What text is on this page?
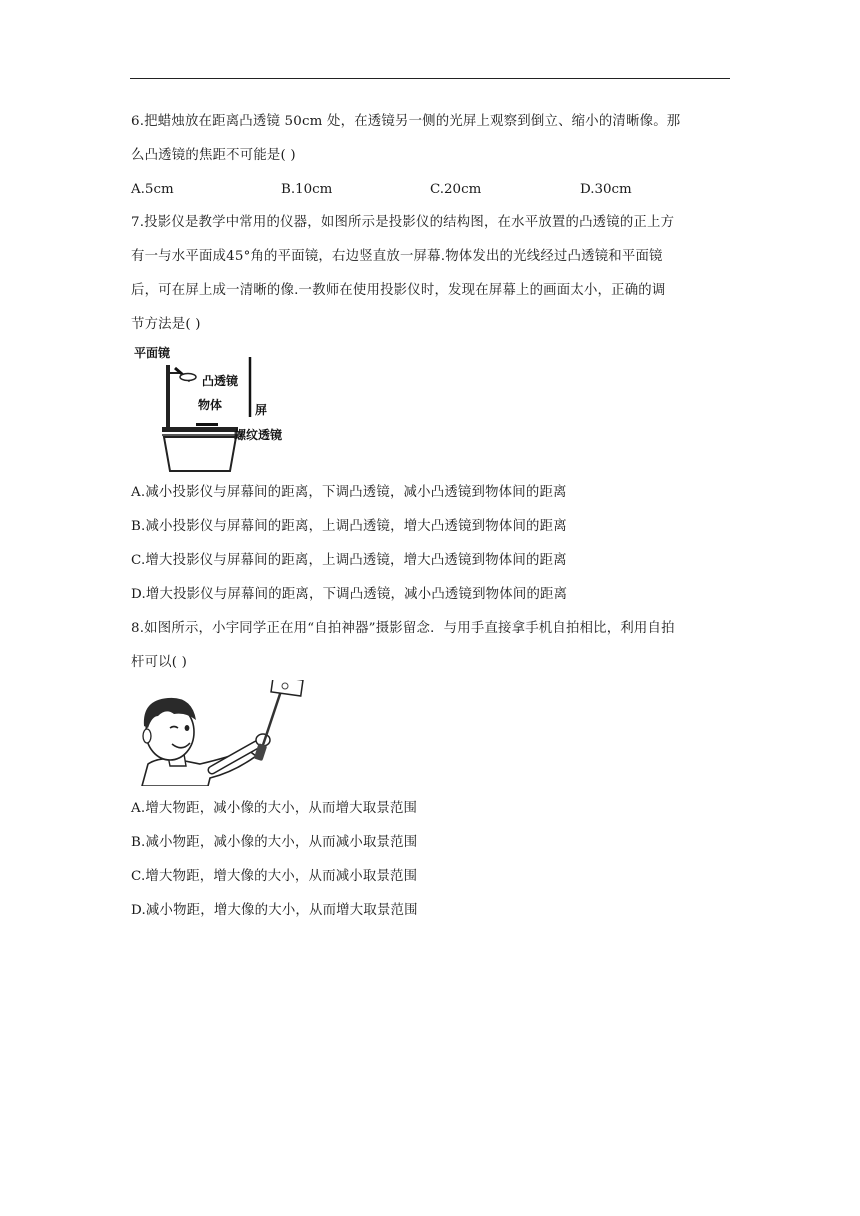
6.把蜡烛放在距离凸透镜 50cm 处，在透镜另一侧的光屏上观察到倒立、缩小的清晰像。那
么凸透镜的焦距不可能是( )
A.5cm	B.10cm	C.20cm	D.30cm
7.投影仪是教学中常用的仪器，如图所示是投影仪的结构图，在水平放置的凸透镜的正上方
有一与水平面成45°角的平面镜，右边竖直放一屏幕.物体发出的光线经过凸透镜和平面镜
后，可在屏上成一清晰的像.一教师在使用投影仪时，发现在屏幕上的画面太小，正确的调
节方法是( )
平面镜
凸透镜
物体	屏
螺纹透镜
A.减小投影仪与屏幕间的距离，下调凸透镜，减小凸透镜到物体间的距离
B.减小投影仪与屏幕间的距离，上调凸透镜，增大凸透镜到物体间的距离
C.增大投影仪与屏幕间的距离，上调凸透镜，增大凸透镜到物体间的距离
D.增大投影仪与屏幕间的距离，下调凸透镜，减小凸透镜到物体间的距离
8.如图所示，小宇同学正在用“自拍神器”摄影留念．与用手直接拿手机自拍相比，利用自拍
杆可以( )
A.增大物距，减小像的大小，从而增大取景范围
B.减小物距，减小像的大小，从而减小取景范围
C.增大物距，增大像的大小，从而减小取景范围
D.减小物距，增大像的大小，从而增大取景范围
